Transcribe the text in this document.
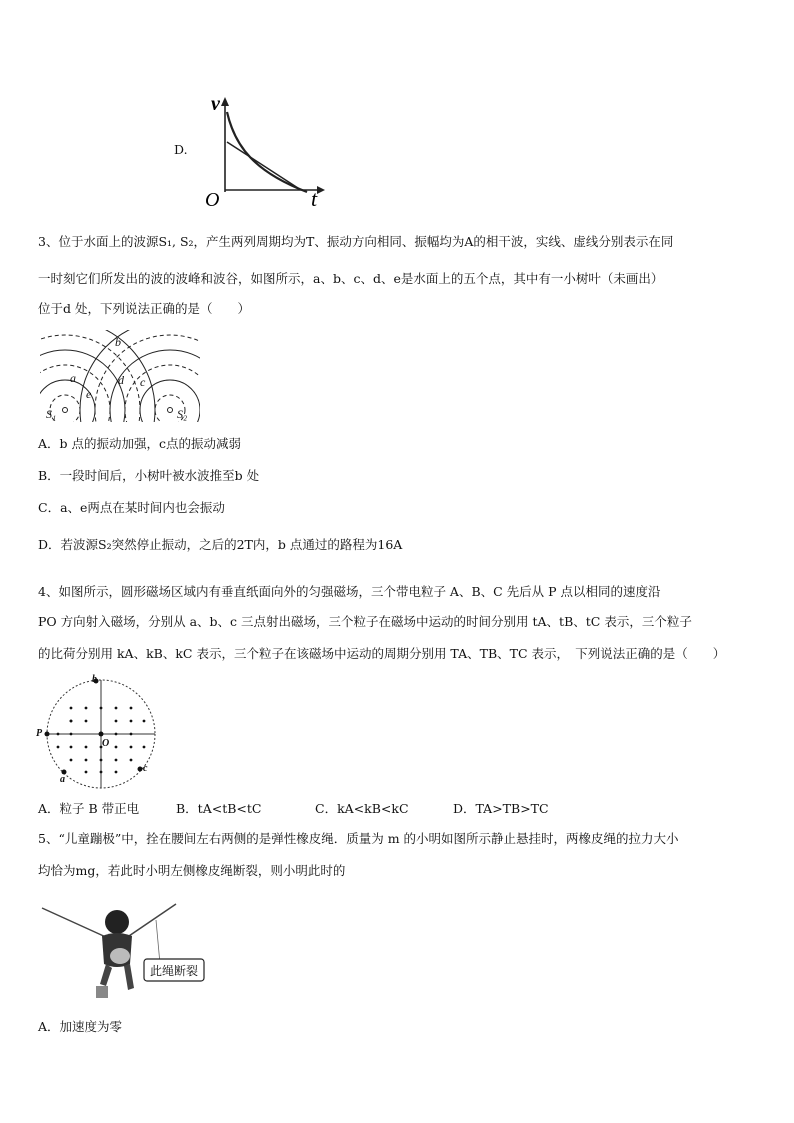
D.
v
t
O
3、位于水面上的波源S₁, S₂，产生两列周期均为T、振动方向相同、振幅均为A的相干波，实线、虚线分别表示在同
一时刻它们所发出的波的波峰和波谷，如图所示，a、b、c、d、e是水面上的五个点，其中有一小树叶（未画出）
位于d 处，下列说法正确的是（　　）
b
a	d c
e
S₁	S₂
A．b 点的振动加强，c点的振动减弱
B．一段时间后，小树叶被水波推至b 处
C．a、e两点在某时间内也会振动
D．若波源S₂突然停止振动，之后的2T内，b 点通过的路程为16A
4、如图所示，圆形磁场区域内有垂直纸面向外的匀强磁场，三个带电粒子 A、B、C 先后从 P 点以相同的速度沿
PO 方向射入磁场，分别从 a、b、c 三点射出磁场，三个粒子在磁场中运动的时间分别用 tA、tB、tC 表示，三个粒子
的比荷分别用 kA、kB、kC 表示，三个粒子在该磁场中运动的周期分别用 TA、TB、TC 表示，　下列说法正确的是（　　）
b
P
O
a
c
A．粒子 B 带正电	B．tA<tB<tC	C．kA<kB<kC	D．TA>TB>TC
5、“儿童蹦极”中，拴在腰间左右两侧的是弹性橡皮绳．质量为 m 的小明如图所示静止悬挂时，两橡皮绳的拉力大小
均恰为mg，若此时小明左侧橡皮绳断裂，则小明此时的
此绳断裂
A．加速度为零
